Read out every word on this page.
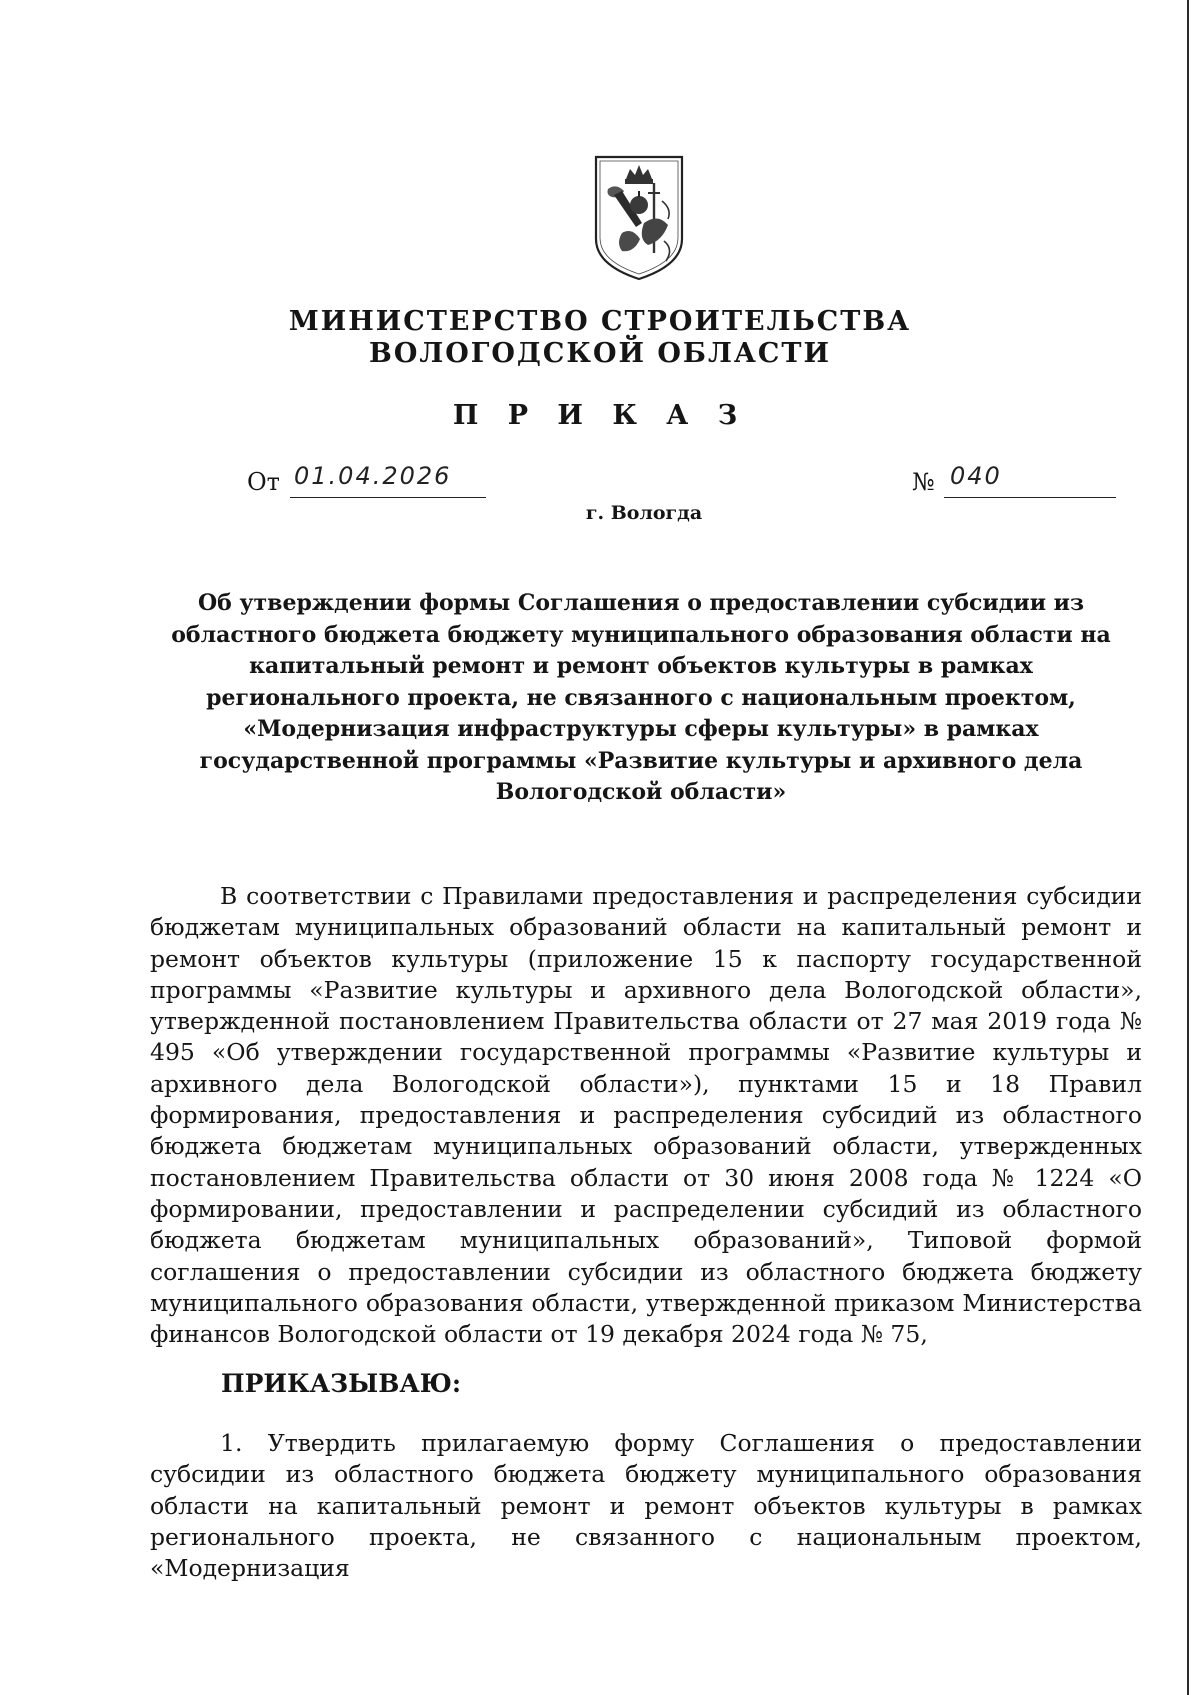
МИНИСТЕРСТВО СТРОИТЕЛЬСТВА
ВОЛОГОДСКОЙ ОБЛАСТИ
П Р И К А З
От 01.04.2026	№ 040
г. Вологда
Об утверждении формы Соглашения о предоставлении субсидии из областного бюджета бюджету муниципального образования области на капитальный ремонт и ремонт объектов культуры в рамках регионального проекта, не связанного с национальным проектом, «Модернизация инфраструктуры сферы культуры» в рамках государственной программы «Развитие культуры и архивного дела Вологодской области»

В соответствии с Правилами предоставления и распределения субсидии бюджетам муниципальных образований области на капитальный ремонт и ремонт объектов культуры (приложение 15 к паспорту государственной программы «Развитие культуры и архивного дела Вологодской области», утвержденной постановлением Правительства области от 27 мая 2019 года № 495 «Об утверждении государственной программы «Развитие культуры и архивного дела Вологодской области»), пунктами 15 и 18 Правил формирования, предоставления и распределения субсидий из областного бюджета бюджетам муниципальных образований области, утвержденных постановлением Правительства области от 30 июня 2008 года № 1224 «О формировании, предоставлении и распределении субсидий из областного бюджета бюджетам муниципальных образований», Типовой формой соглашения о предоставлении субсидии из областного бюджета бюджету муниципального образования области, утвержденной приказом Министерства финансов Вологодской области от 19 декабря 2024 года № 75,

ПРИКАЗЫВАЮ:

1. Утвердить прилагаемую форму Соглашения о предоставлении субсидии из областного бюджета бюджету муниципального образования области на капитальный ремонт и ремонт объектов культуры в рамках регионального проекта, не связанного с национальным проектом, «Модернизация
